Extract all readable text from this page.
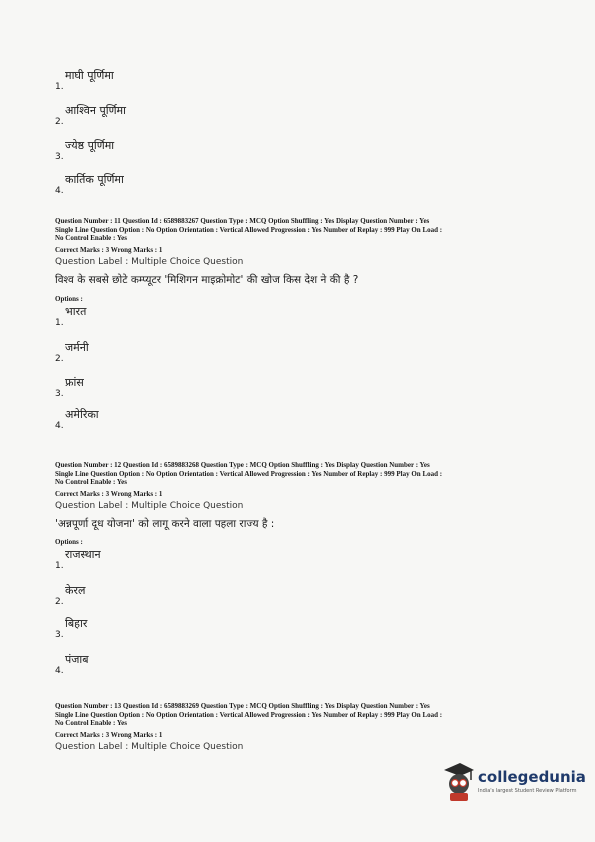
1.
माघी पूर्णिमा
2.
आश्विन पूर्णिमा
3.
ज्येष्ठ पूर्णिमा
4.
कार्तिक पूर्णिमा
Question Number : 11 Question Id : 6589883267 Question Type : MCQ Option Shuffling : Yes Display Question Number : Yes
Single Line Question Option : No Option Orientation : Vertical Allowed Progression : Yes Number of Replay : 999 Play On Load :
No Control Enable : Yes
Correct Marks : 3 Wrong Marks : 1
Question Label : Multiple Choice Question
विश्व के सबसे छोटे कम्प्यूटर 'मिशिगन माइक्रोमोट' की खोज किस देश ने की है ?
Options :
1.
भारत
2.
जर्मनी
3.
फ्रांस
4.
अमेरिका
Question Number : 12 Question Id : 6589883268 Question Type : MCQ Option Shuffling : Yes Display Question Number : Yes
Single Line Question Option : No Option Orientation : Vertical Allowed Progression : Yes Number of Replay : 999 Play On Load :
No Control Enable : Yes
Correct Marks : 3 Wrong Marks : 1
Question Label : Multiple Choice Question
'अन्नपूर्णा दूध योजना' को लागू करने वाला पहला राज्य है :
Options :
1.
राजस्थान
2.
केरल
3.
बिहार
4.
पंजाब
Question Number : 13 Question Id : 6589883269 Question Type : MCQ Option Shuffling : Yes Display Question Number : Yes
Single Line Question Option : No Option Orientation : Vertical Allowed Progression : Yes Number of Replay : 999 Play On Load :
No Control Enable : Yes
Correct Marks : 3 Wrong Marks : 1
Question Label : Multiple Choice Question
collegedunia
India's largest Student Review Platform
